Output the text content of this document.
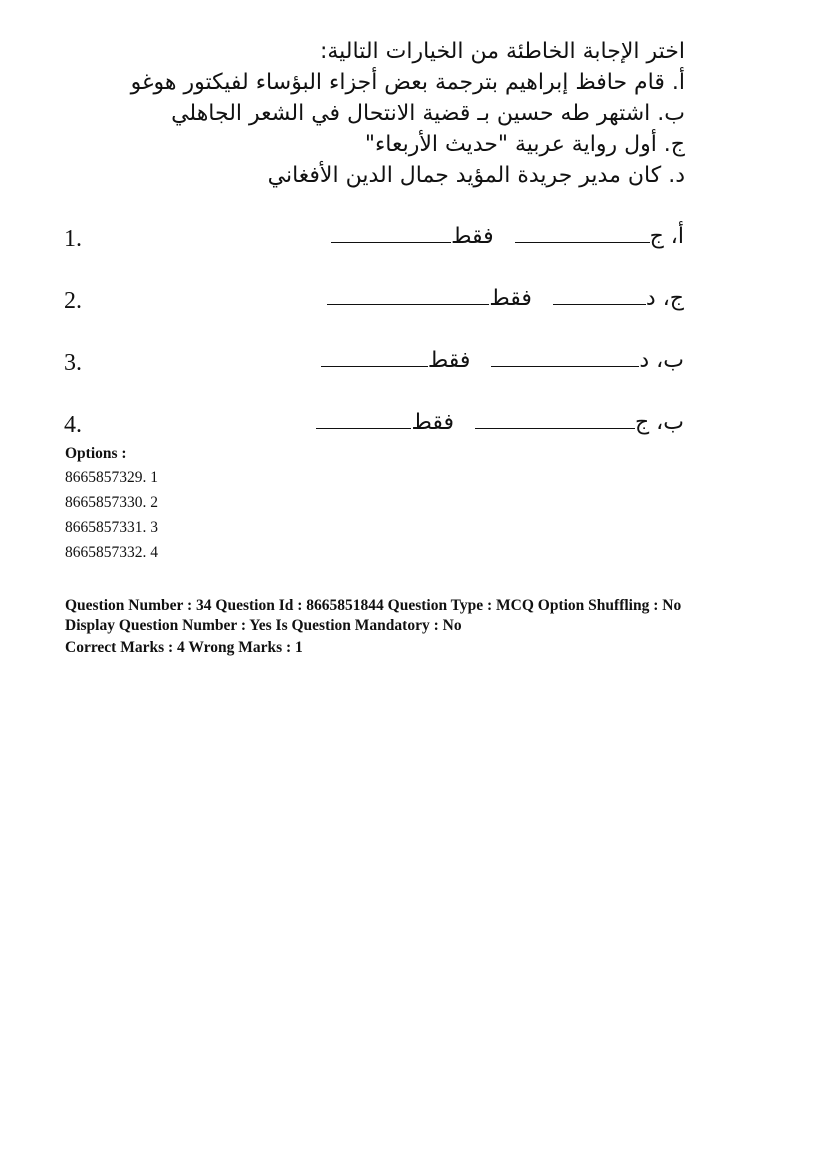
اختر الإجابة الخاطئة من الخيارات التالية:

أ. قام حافظ إبراهيم بترجمة بعض أجزاء البؤساء لفيكتور هوغو

ب. اشتهر طه حسين بـ قضية الانتحال في الشعر الجاهلي

ج. أول رواية عربية "حديث الأربعاء"

د. كان مدير جريدة المؤيد جمال الدين الأفغاني

1.	أ، ج   فقط
2.	ج، د   فقط
3.	ب، د   فقط
4.	ب، ج   فقط
Options :
8665857329. 1
8665857330. 2
8665857331. 3
8665857332. 4
Question Number : 34 Question Id : 8665851844 Question Type : MCQ Option Shuffling : No
Display Question Number : Yes Is Question Mandatory : No
Correct Marks : 4 Wrong Marks : 1
